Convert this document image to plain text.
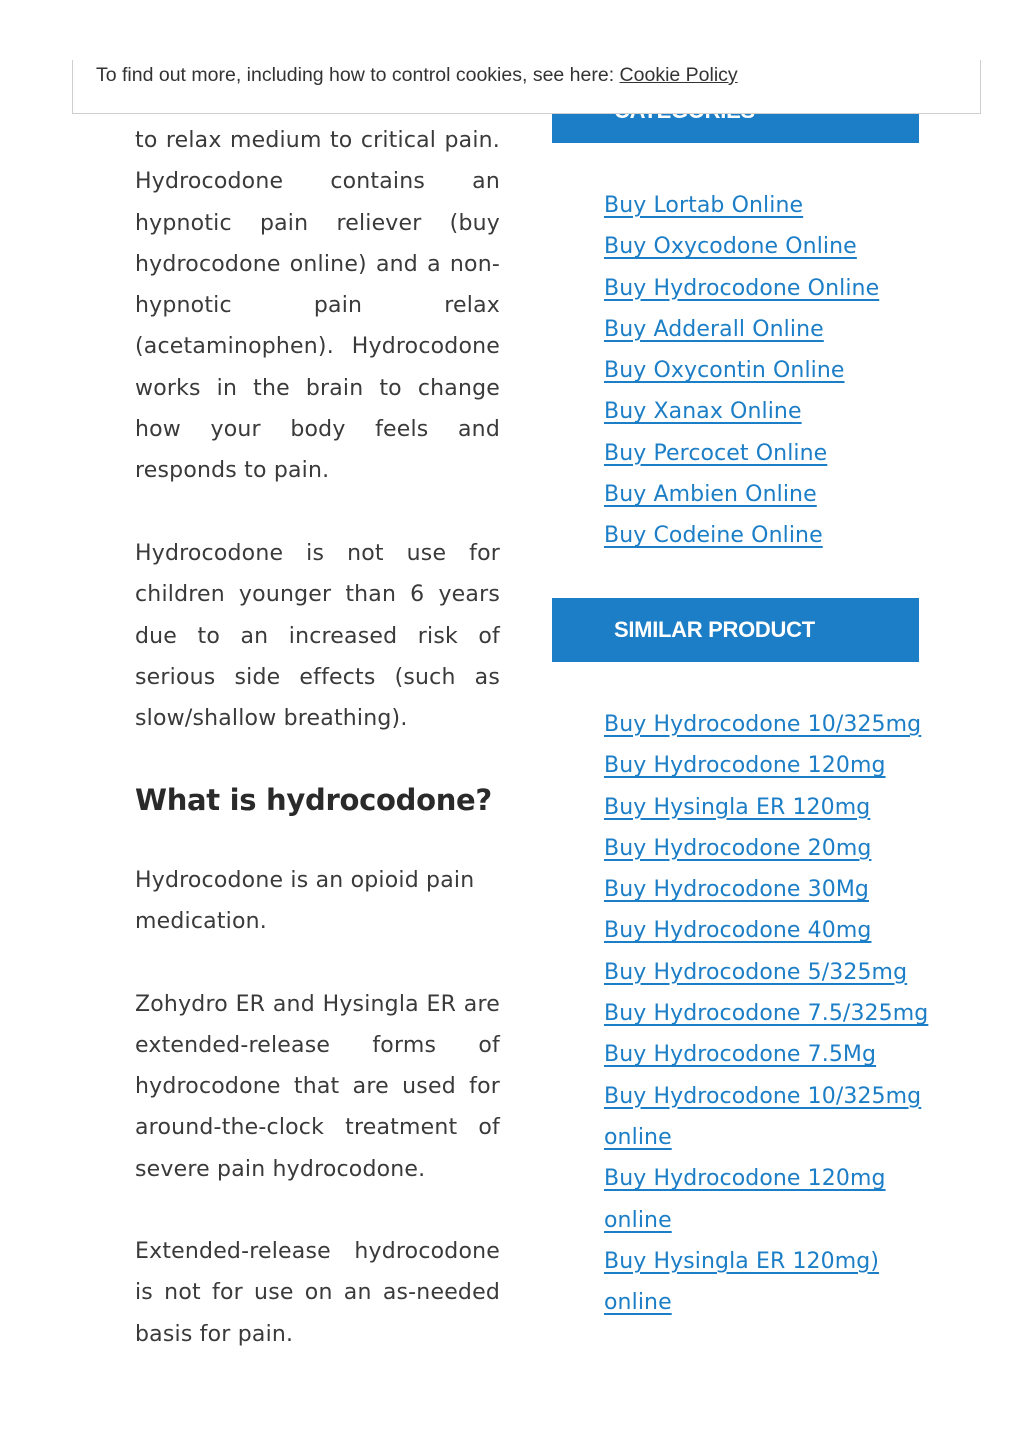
to relax medium to critical pain. Hydrocodone contains an hypnotic pain reliever (buy hydrocodone online) and a non-hypnotic pain relax (acetaminophen). Hydrocodone works in the brain to change how your body feels and responds to pain.

Hydrocodone is not use for children younger than 6 years due to an increased risk of serious side effects (such as slow/shallow breathing).

What is hydrocodone?

Hydrocodone is an opioid pain medication.

Zohydro ER and Hysingla ER are extended-release forms of hydrocodone that are used for around-the-clock treatment of severe pain hydrocodone.

Extended-release hydrocodone is not for use on an as-needed basis for pain.

Buy Lortab Online
Buy Oxycodone Online
Buy Hydrocodone Online
Buy Adderall Online
Buy Oxycontin Online
Buy Xanax Online
Buy Percocet Online
Buy Ambien Online
Buy Codeine Online
SIMILAR PRODUCT
Buy Hydrocodone 10/325mg
Buy Hydrocodone 120mg
Buy Hysingla ER 120mg
Buy Hydrocodone 20mg
Buy Hydrocodone 30Mg
Buy Hydrocodone 40mg
Buy Hydrocodone 5/325mg
Buy Hydrocodone 7.5/325mg
Buy Hydrocodone 7.5Mg
Buy Hydrocodone 10/325mg online
Buy Hydrocodone 120mg online
Buy Hysingla ER 120mg) online
To find out more, including how to control cookies, see here: Cookie Policy
